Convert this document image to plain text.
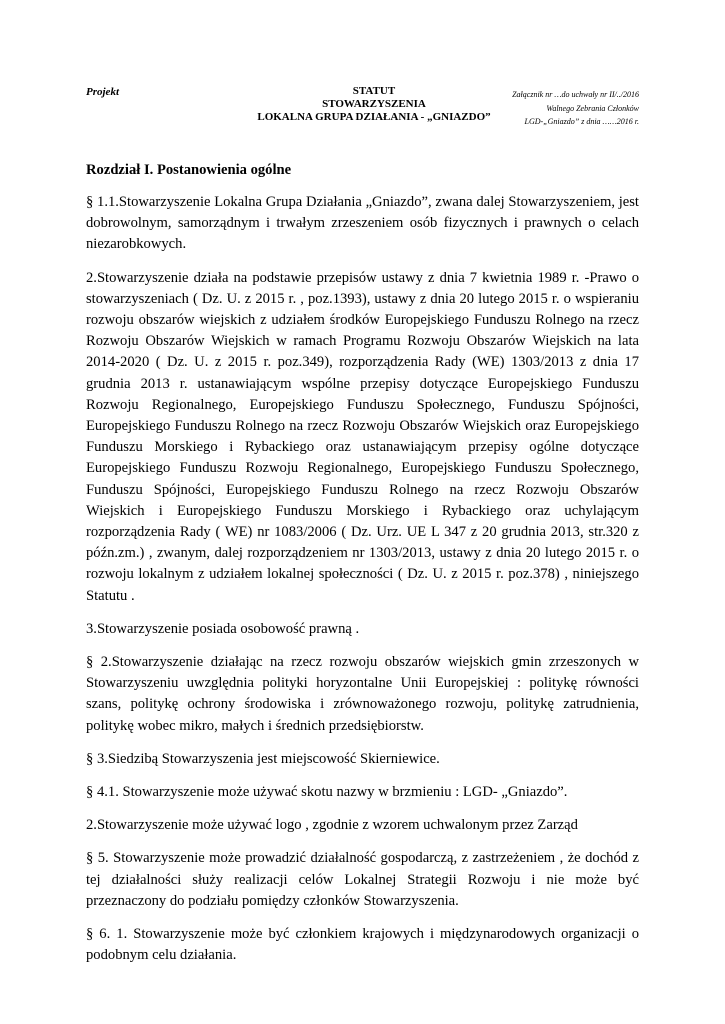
Projekt	STATUT
STOWARZYSZENIA
LOKALNA GRUPA DZIAŁANIA - „GNIAZDO”
Załącznik nr …do uchwały nr II/../2016
Walnego Zebrania Członków
LGD-„Gniazdo” z dnia ……2016 r.
Rozdział I. Postanowienia ogólne

§ 1.1.Stowarzyszenie Lokalna Grupa Działania „Gniazdo”, zwana dalej Stowarzyszeniem, jest dobrowolnym, samorządnym i trwałym zrzeszeniem osób fizycznych i prawnych o celach niezarobkowych.

2.Stowarzyszenie działa na podstawie przepisów ustawy z dnia 7 kwietnia 1989 r. -Prawo o stowarzyszeniach ( Dz. U. z 2015 r. , poz.1393), ustawy z dnia 20 lutego 2015 r. o wspieraniu rozwoju obszarów wiejskich z udziałem środków Europejskiego Funduszu Rolnego na rzecz Rozwoju Obszarów Wiejskich w ramach Programu Rozwoju Obszarów Wiejskich na lata 2014-2020 ( Dz. U. z 2015 r. poz.349), rozporządzenia Rady (WE) 1303/2013 z dnia 17 grudnia 2013 r. ustanawiającym wspólne przepisy dotyczące Europejskiego Funduszu Rozwoju Regionalnego, Europejskiego Funduszu Społecznego, Funduszu Spójności, Europejskiego Funduszu Rolnego na rzecz Rozwoju Obszarów Wiejskich oraz Europejskiego Funduszu Morskiego i Rybackiego oraz ustanawiającym przepisy ogólne dotyczące Europejskiego Funduszu Rozwoju Regionalnego, Europejskiego Funduszu Społecznego, Funduszu Spójności, Europejskiego Funduszu Rolnego na rzecz Rozwoju Obszarów Wiejskich i Europejskiego Funduszu Morskiego i Rybackiego oraz uchylającym rozporządzenia Rady ( WE) nr 1083/2006 ( Dz. Urz. UE L 347 z 20 grudnia 2013, str.320 z późn.zm.) , zwanym, dalej rozporządzeniem nr 1303/2013, ustawy z dnia 20 lutego 2015 r. o rozwoju lokalnym z udziałem lokalnej społeczności ( Dz. U. z 2015 r. poz.378) , niniejszego Statutu .

3.Stowarzyszenie posiada osobowość prawną .

§ 2.Stowarzyszenie działając na rzecz rozwoju obszarów wiejskich gmin zrzeszonych w Stowarzyszeniu uwzględnia polityki horyzontalne Unii Europejskiej : politykę równości szans, politykę ochrony środowiska i zrównoważonego rozwoju, politykę zatrudnienia, politykę wobec mikro, małych i średnich przedsiębiorstw.

§ 3.Siedzibą Stowarzyszenia jest miejscowość Skierniewice.

§ 4.1. Stowarzyszenie może używać skotu nazwy w brzmieniu : LGD- „Gniazdo”.

2.Stowarzyszenie może używać logo , zgodnie z wzorem uchwalonym przez Zarząd

§ 5. Stowarzyszenie może prowadzić działalność gospodarczą, z zastrzeżeniem , że dochód z tej działalności służy realizacji celów Lokalnej Strategii Rozwoju i nie może być przeznaczony do podziału pomiędzy członków Stowarzyszenia.

§ 6. 1. Stowarzyszenie może być członkiem krajowych i międzynarodowych organizacji o podobnym celu działania.
